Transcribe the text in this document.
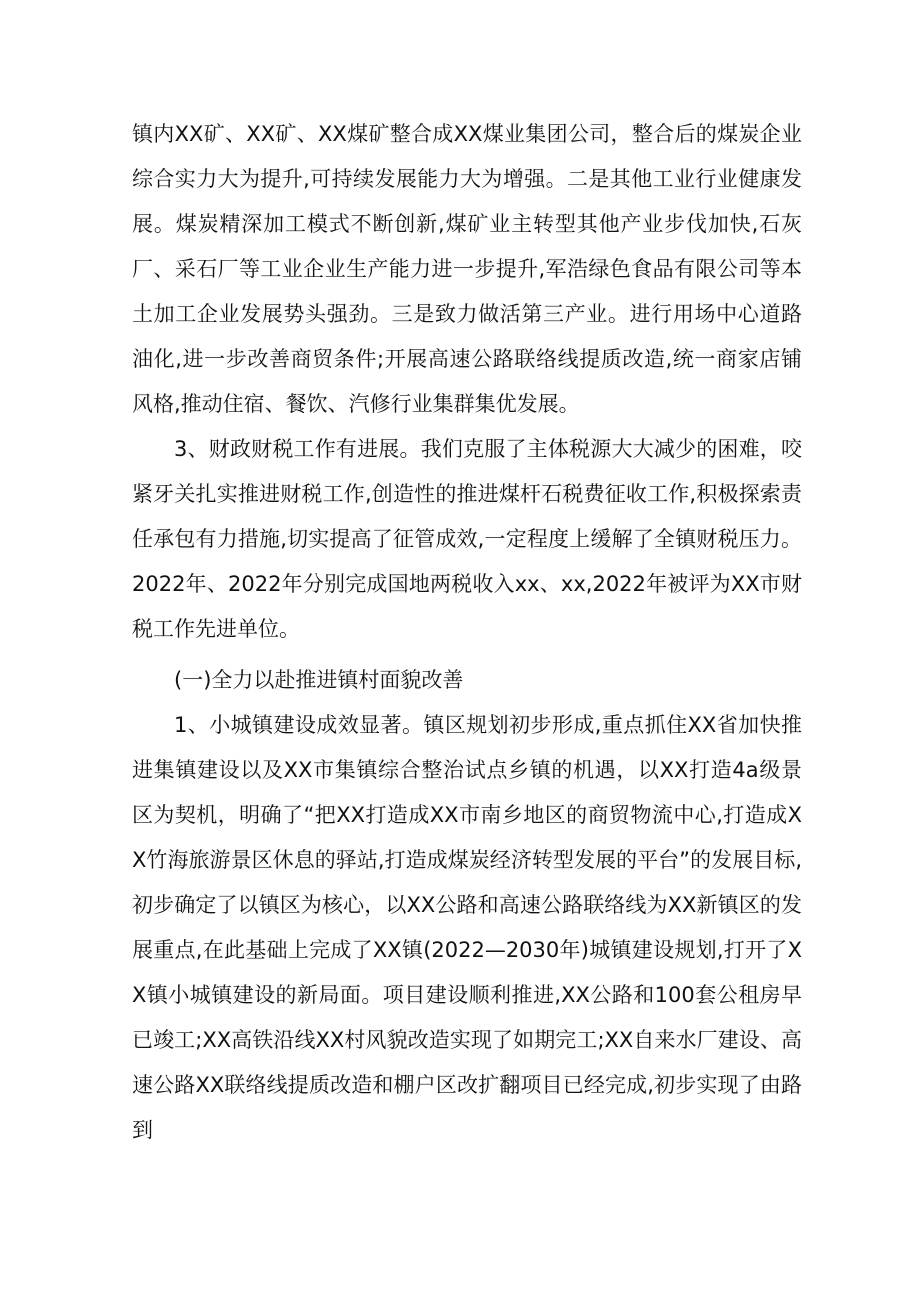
镇内XX矿、XX矿、XX煤矿整合成XX煤业集团公司，整合后的煤炭企业综合实力大为提升,可持续发展能力大为增强。二是其他工业行业健康发展。煤炭精深加工模式不断创新,煤矿业主转型其他产业步伐加快,石灰厂、采石厂等工业企业生产能力进一步提升,军浩绿色食品有限公司等本土加工企业发展势头强劲。三是致力做活第三产业。进行用场中心道路油化,进一步改善商贸条件;开展高速公路联络线提质改造,统一商家店铺风格,推动住宿、餐饮、汽修行业集群集优发展。

3、财政财税工作有进展。我们克服了主体税源大大减少的困难，咬紧牙关扎实推进财税工作,创造性的推进煤杆石税费征收工作,积极探索责任承包有力措施,切实提高了征管成效,一定程度上缓解了全镇财税压力。2022年、2022年分别完成国地两税收入xx、xx,2022年被评为XX市财税工作先进单位。

(一)全力以赴推进镇村面貌改善

1、小城镇建设成效显著。镇区规划初步形成,重点抓住XX省加快推进集镇建设以及XX市集镇综合整治试点乡镇的机遇，以XX打造4a级景区为契机，明确了“把XX打造成XX市南乡地区的商贸物流中心,打造成XX竹海旅游景区休息的驿站,打造成煤炭经济转型发展的平台”的发展目标,初步确定了以镇区为核心，以XX公路和高速公路联络线为XX新镇区的发展重点,在此基础上完成了XX镇(2022—2030年)城镇建设规划,打开了XX镇小城镇建设的新局面。项目建设顺利推进,XX公路和100套公租房早已竣工;XX高铁沿线XX村风貌改造实现了如期完工;XX自来水厂建设、高速公路XX联络线提质改造和棚户区改扩翻项目已经完成,初步实现了由路到
